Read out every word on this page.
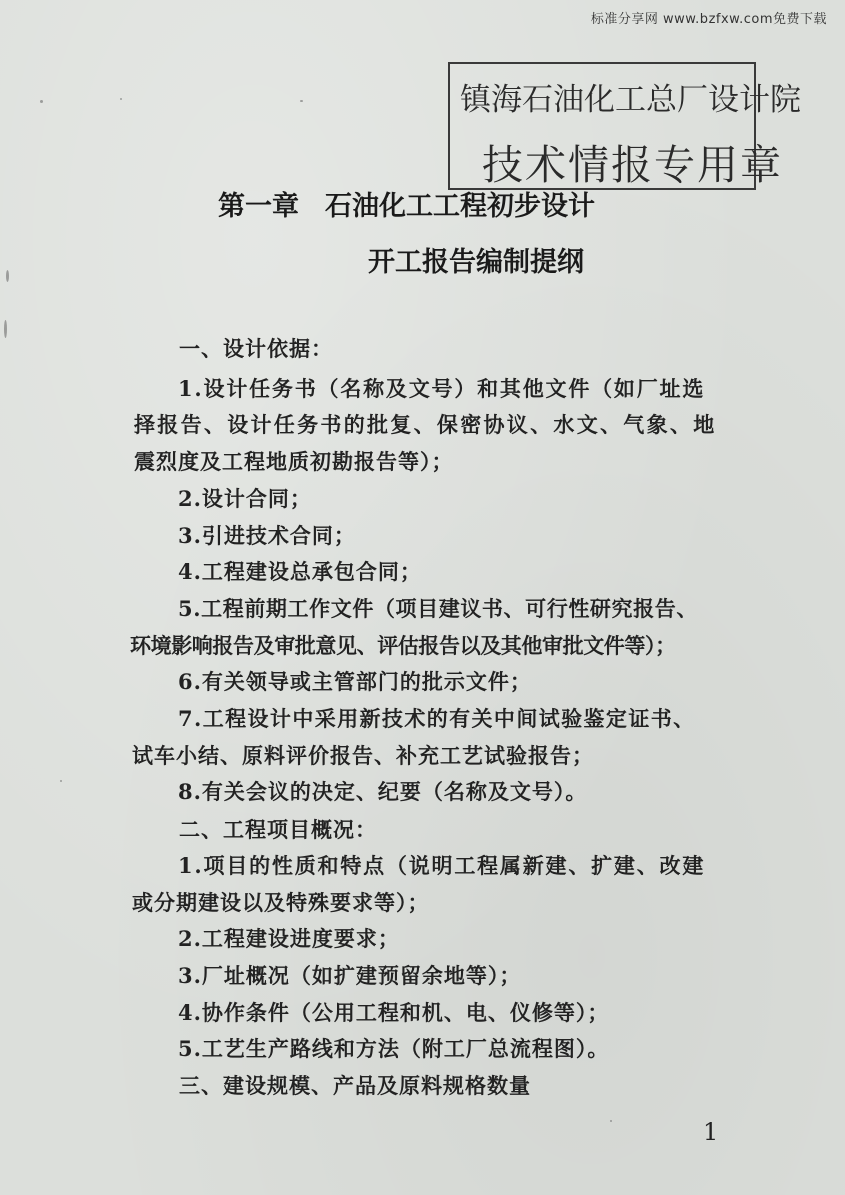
标准分享网 www.bzfxw.com免费下载
镇海石油化工总厂设计院
技术情报专用章
第一章 石油化工工程初步设计
开工报告编制提纲
一、设计依据：
1.设计任务书（名称及文号）和其他文件（如厂址选
择报告、设计任务书的批复、保密协议、水文、气象、地
震烈度及工程地质初勘报告等）；
2.设计合同；
3.引进技术合同；
4.工程建设总承包合同；
5.工程前期工作文件（项目建议书、可行性研究报告、
环境影响报告及审批意见、评估报告以及其他审批文件等）；
6.有关领导或主管部门的批示文件；
7.工程设计中采用新技术的有关中间试验鉴定证书、
试车小结、原料评价报告、补充工艺试验报告；
8.有关会议的决定、纪要（名称及文号）。
二、工程项目概况：
1.项目的性质和特点（说明工程属新建、扩建、改建
或分期建设以及特殊要求等）；
2.工程建设进度要求；
3.厂址概况（如扩建预留余地等）；
4.协作条件（公用工程和机、电、仪修等）；
5.工艺生产路线和方法（附工厂总流程图）。
三、建设规模、产品及原料规格数量
1
